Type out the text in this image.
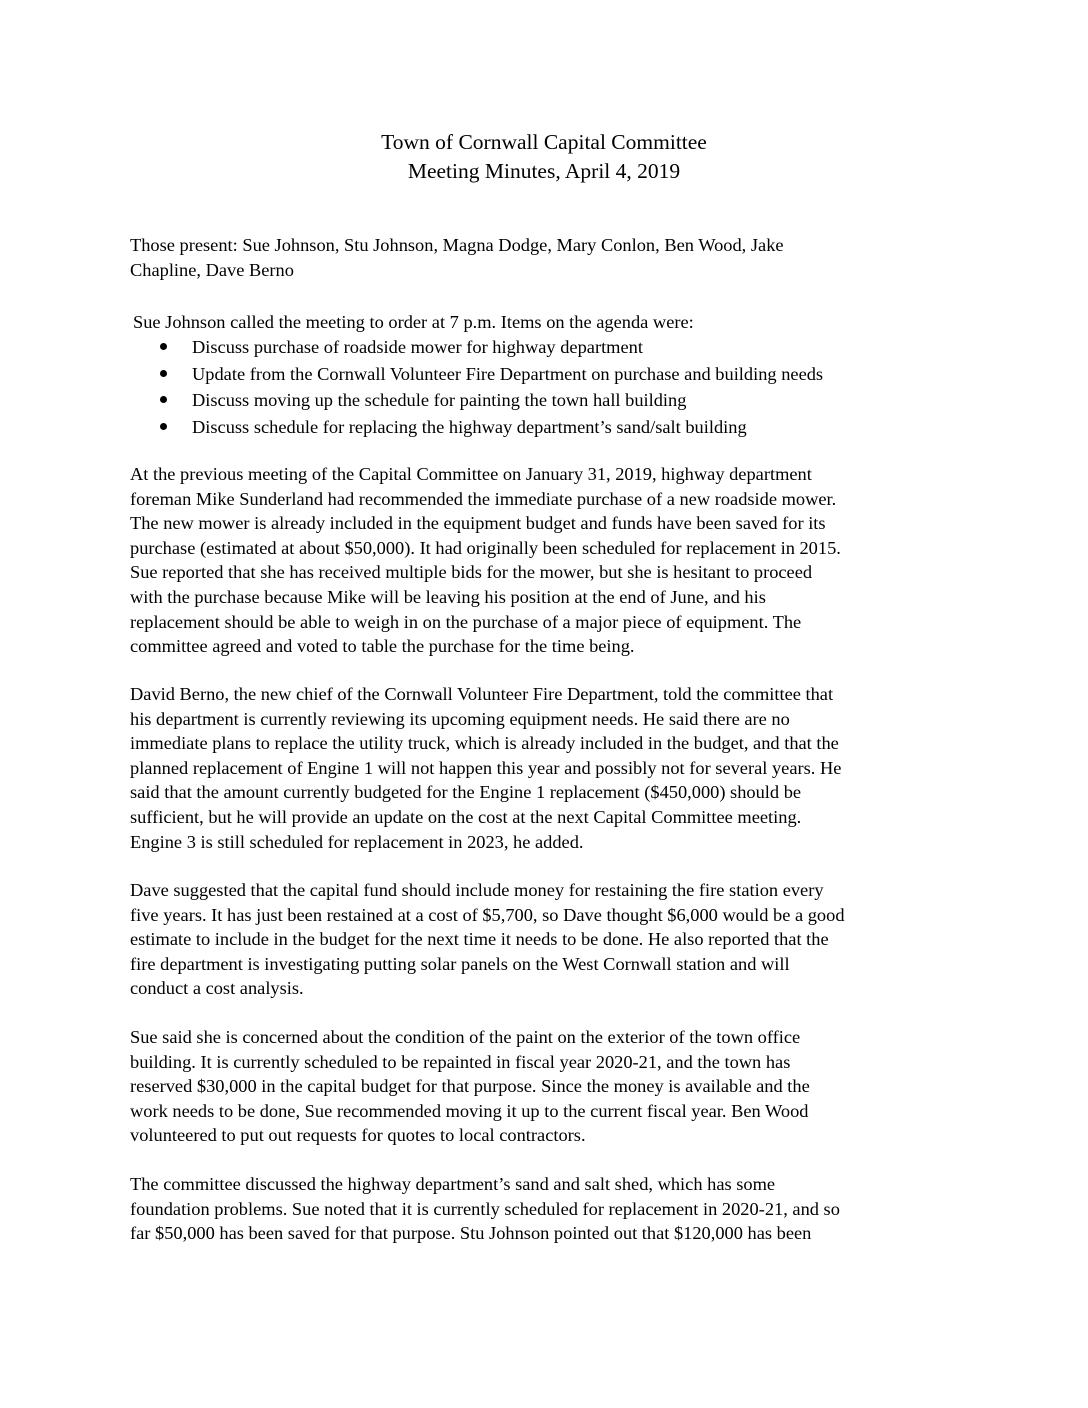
Town of Cornwall Capital Committee
Meeting Minutes, April 4, 2019
Those present: Sue Johnson, Stu Johnson, Magna Dodge, Mary Conlon, Ben Wood, Jake
Chapline, Dave Berno
Sue Johnson called the meeting to order at 7 p.m. Items on the agenda were:
Discuss purchase of roadside mower for highway department
Update from the Cornwall Volunteer Fire Department on purchase and building needs
Discuss moving up the schedule for painting the town hall building
Discuss schedule for replacing the highway department’s sand/salt building
At the previous meeting of the Capital Committee on January 31, 2019, highway department
foreman Mike Sunderland had recommended the immediate purchase of a new roadside mower.
The new mower is already included in the equipment budget and funds have been saved for its
purchase (estimated at about $50,000). It had originally been scheduled for replacement in 2015.
Sue reported that she has received multiple bids for the mower, but she is hesitant to proceed
with the purchase because Mike will be leaving his position at the end of June, and his
replacement should be able to weigh in on the purchase of a major piece of equipment. The
committee agreed and voted to table the purchase for the time being.
David Berno, the new chief of the Cornwall Volunteer Fire Department, told the committee that
his department is currently reviewing its upcoming equipment needs. He said there are no
immediate plans to replace the utility truck, which is already included in the budget, and that the
planned replacement of Engine 1 will not happen this year and possibly not for several years. He
said that the amount currently budgeted for the Engine 1 replacement ($450,000) should be
sufficient, but he will provide an update on the cost at the next Capital Committee meeting.
Engine 3 is still scheduled for replacement in 2023, he added.
Dave suggested that the capital fund should include money for restaining the fire station every
five years. It has just been restained at a cost of $5,700, so Dave thought $6,000 would be a good
estimate to include in the budget for the next time it needs to be done. He also reported that the
fire department is investigating putting solar panels on the West Cornwall station and will
conduct a cost analysis.
Sue said she is concerned about the condition of the paint on the exterior of the town office
building. It is currently scheduled to be repainted in fiscal year 2020-21, and the town has
reserved $30,000 in the capital budget for that purpose. Since the money is available and the
work needs to be done, Sue recommended moving it up to the current fiscal year. Ben Wood
volunteered to put out requests for quotes to local contractors.
The committee discussed the highway department’s sand and salt shed, which has some
foundation problems. Sue noted that it is currently scheduled for replacement in 2020-21, and so
far $50,000 has been saved for that purpose. Stu Johnson pointed out that $120,000 has been
